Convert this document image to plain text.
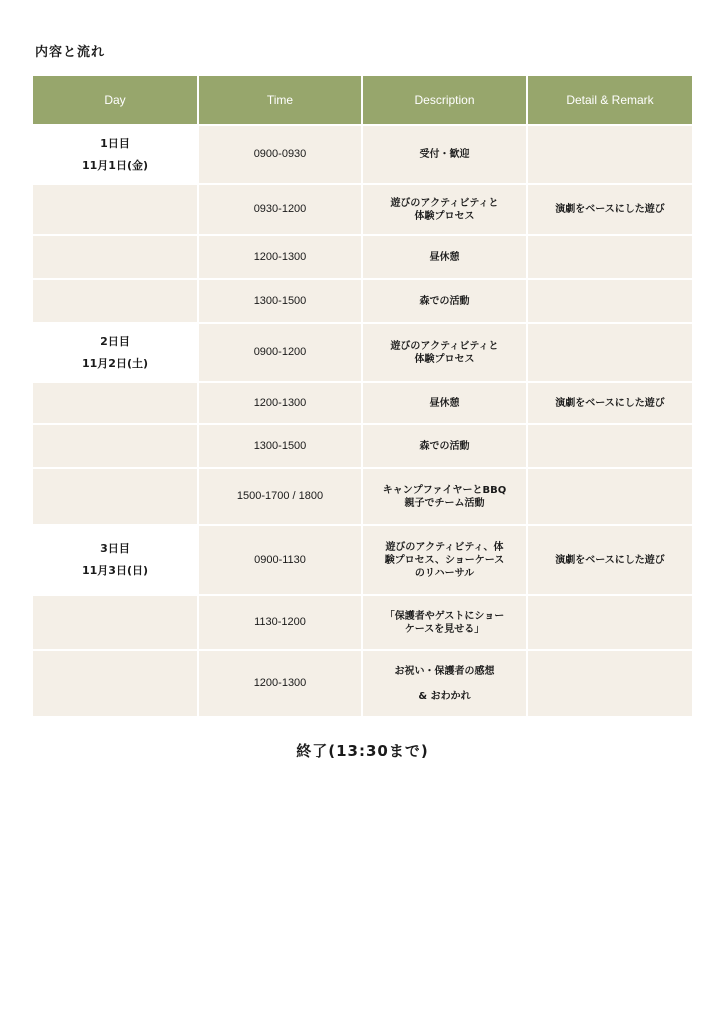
内容と流れ
Day	Time	Description	Detail & Remark

1日目
11月1日(金)	0900-0930	受付・歓迎	

	0930-1200	遊びのアクティビティと
体験プロセス	演劇をベースにした遊び
	1200-1300	昼休憩	

	1300-1500	森での活動	

2日目
11月2日(土)	0900-1200	遊びのアクティビティと
体験プロセス	

	1200-1300	昼休憩	演劇をベースにした遊び
	1300-1500	森での活動	

	1500-1700 / 1800	キャンプファイヤーとBBQ
親子でチーム活動	

3日目
11月3日(日)	0900-1130	遊びのアクティビティ、体
験プロセス、ショーケース
のリハーサル	演劇をベースにした遊び
	1130-1200	「保護者やゲストにショー
ケースを見せる」	

	1200-1300	お祝い・保護者の感想
& おわかれ	

終了(13:30まで)
